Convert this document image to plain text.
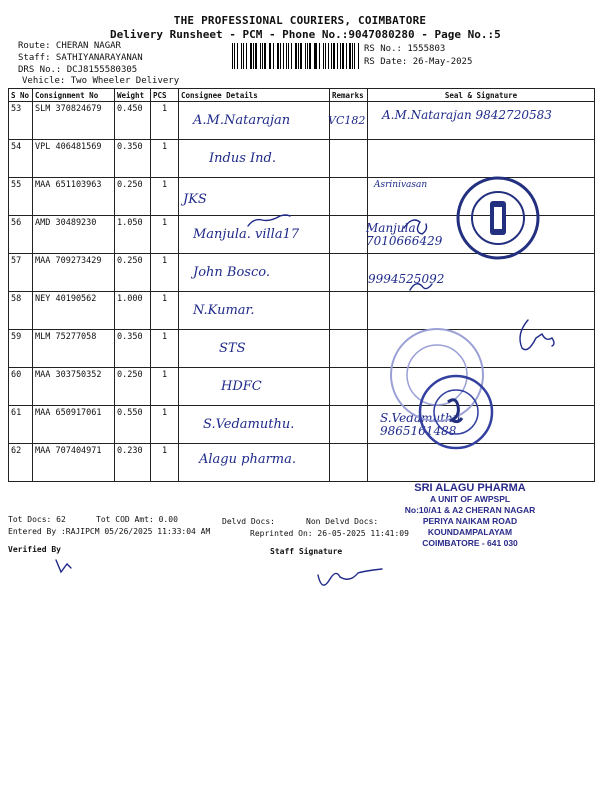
THE PROFESSIONAL COURIERS, COIMBATORE
Delivery Runsheet - PCM - Phone No.:9047080280 - Page No.:5
Route: CHERAN NAGAR
Staff: SATHIYANARAYANAN
DRS No.: DCJ8155580305
Vehicle: Two Wheeler Delivery
RS No.: 1555803
RS Date: 26-May-2025
S No	Consignment No	Weight	PCS	Consignee Details	Remarks	Seal & Signature
53	SLM 370824679	0.450	1	A.M.Natarajan	VC182	A.M.Natarajan 9842720583

54	VPL 406481569	0.350	1	Indus Ind.		

55	MAA 651103963	0.250	1	JKS		Asrinivasan

56	AMD 30489230	1.050	1	Manjula. villa17		Manjula 7010666429

57	MAA 709273429	0.250	1	John Bosco.		9994525092

58	NEY 40190562	1.000	1	N.Kumar.		

59	MLM 75277058	0.350	1	STS		

60	MAA 303750352	0.250	1	HDFC		

61	MAA 650917061	0.550	1	S.Vedamuthu.		S.Vedamuthu 9865161488

62	MAA 707404971	0.230	1	Alagu pharma.		

SRI ALAGU PHARMA
A UNIT OF AWPSPL
No:10/A1 & A2 CHERAN NAGAR
PERIYA NAIKAM ROAD
KOUNDAMPALAYAM
COIMBATORE - 641 030
Tot Docs: 62	Tot COD Amt: 0.00	Delvd Docs:	Non Delvd Docs:
Entered By :RAJIPCM 05/26/2025 11:33:04 AM	Reprinted On: 26-05-2025 11:41:09
Verified By	Staff Signature
